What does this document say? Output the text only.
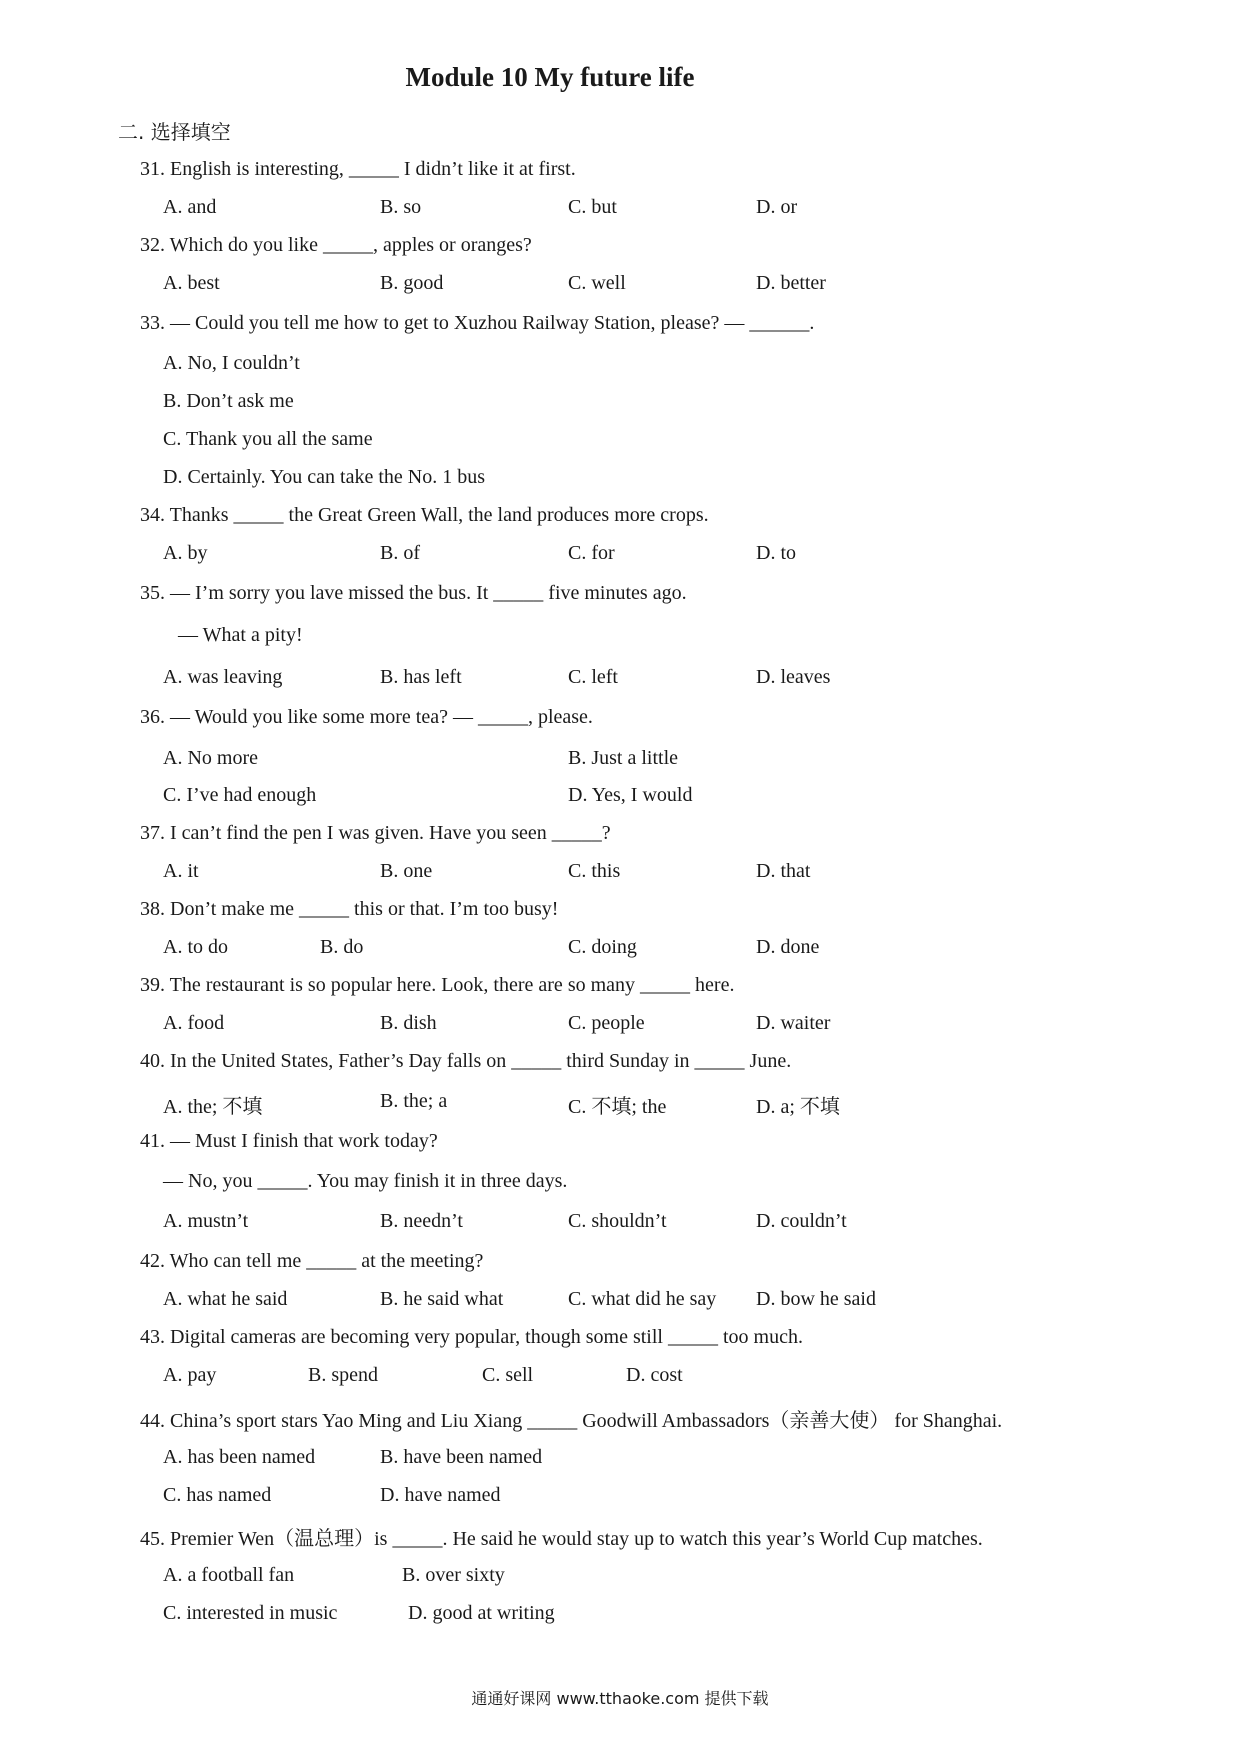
Module 10 My future life
二. 选择填空
31. English is interesting, _____ I didn’t like it at first.
A. and	B. so	C. but	D. or
32. Which do you like _____, apples or oranges?
A. best	B. good	C. well	D. better
33. — Could you tell me how to get to Xuzhou Railway Station, please? — ______.
A. No, I couldn’t
B. Don’t ask me
C. Thank you all the same
D. Certainly. You can take the No. 1 bus
34. Thanks _____ the Great Green Wall, the land produces more crops.
A. by	B. of	C. for	D. to
35. — I’m sorry you lave missed the bus. It _____ five minutes ago.
— What a pity!
A. was leaving	B. has left	C. left	D. leaves
36. — Would you like some more tea? — _____, please.
A. No more	B. Just a little
C. I’ve had enough	D. Yes, I would
37. I can’t find the pen I was given. Have you seen _____?
A. it	B. one	C. this	D. that
38. Don’t make me _____ this or that. I’m too busy!
A. to do	B. do	C. doing	D. done
39. The restaurant is so popular here. Look, there are so many _____ here.
A. food	B. dish	C. people	D. waiter
40. In the United States, Father’s Day falls on _____ third Sunday in _____ June.
A. the; 不填	B. the; a	C. 不填; the	D. a; 不填
41. — Must I finish that work today?
— No, you _____. You may finish it in three days.
A. mustn’t	B. needn’t	C. shouldn’t	D. couldn’t
42. Who can tell me _____ at the meeting?
A. what he said	B. he said what	C. what did he say D. bow he said
43. Digital cameras are becoming very popular, though some still _____ too much.
A. pay	B. spend	C. sell	D. cost
44. China’s sport stars Yao Ming and Liu Xiang _____ Goodwill Ambassadors（亲善大使） for Shanghai.
A. has been named	B. have been named
C. has named	D. have named
45. Premier Wen（温总理）is _____. He said he would stay up to watch this year’s World Cup matches.
A. a football fan	B. over sixty
C. interested in music	D. good at writing
通通好课网 www.tthaoke.com 提供下载
